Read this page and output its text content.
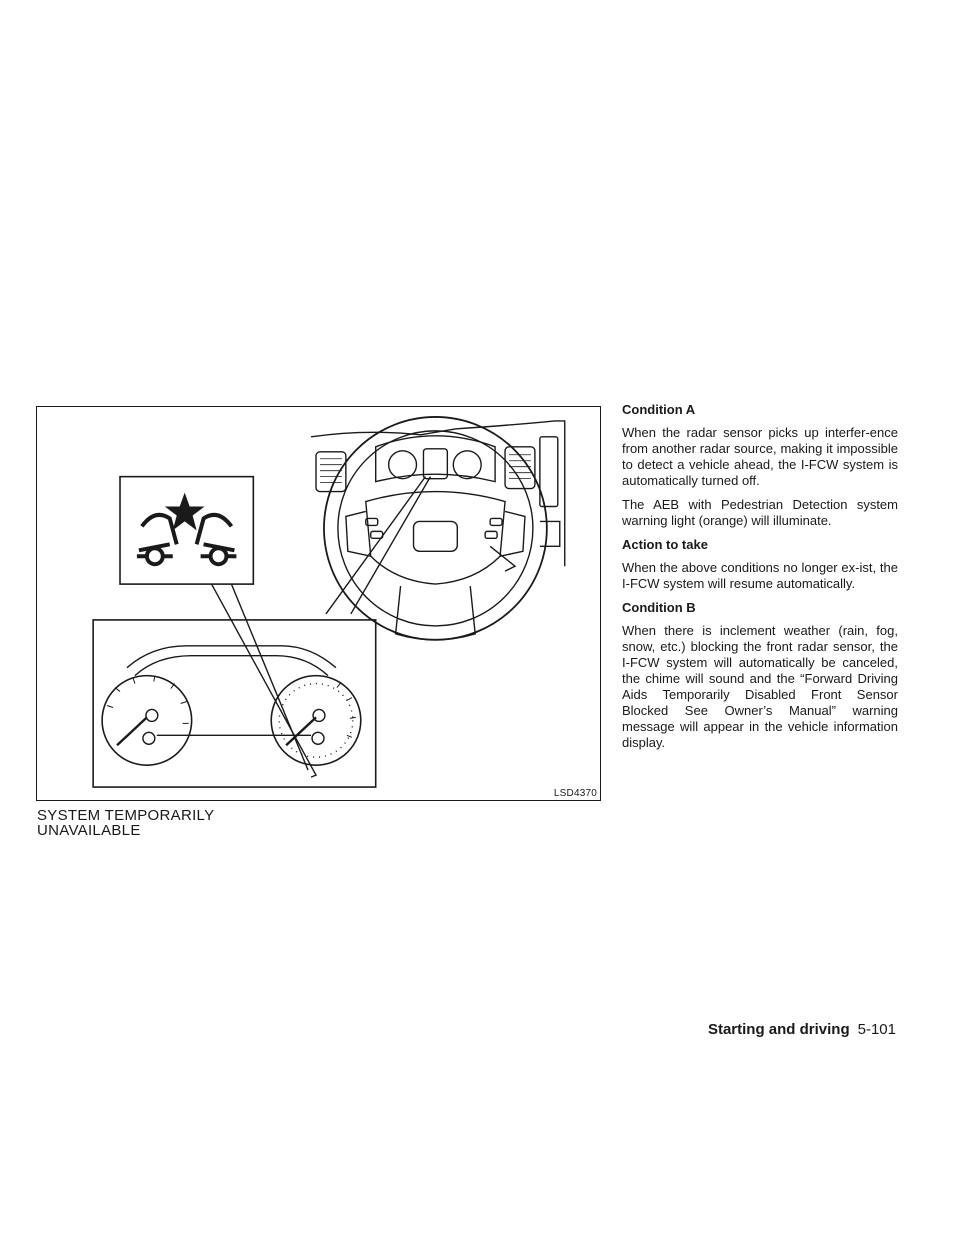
LSD4370
SYSTEM TEMPORARILY
UNAVAILABLE
Condition A

When the radar sensor picks up interfer-ence from another radar source, making it impossible to detect a vehicle ahead, the I-FCW system is automatically turned off.

The AEB with Pedestrian Detection system warning light (orange) will illuminate.

Action to take

When the above conditions no longer ex-ist, the I-FCW system will resume automatically.

Condition B

When there is inclement weather (rain, fog, snow, etc.) blocking the front radar sensor, the I-FCW system will automatically be canceled, the chime will sound and the “Forward Driving Aids Temporarily Disabled Front Sensor Blocked See Owner’s Manual” warning message will appear in the vehicle information display.

Starting and driving 5-101
